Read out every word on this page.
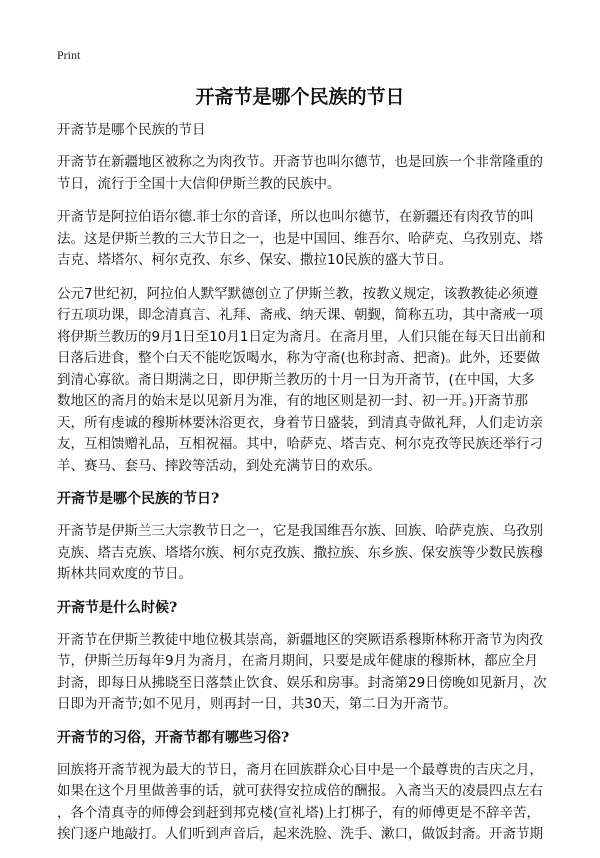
Print
开斋节是哪个民族的节日
开斋节是哪个民族的节日
开斋节在新疆地区被称之为肉孜节。开斋节也叫尔德节，也是回族一个非常隆重的
节日，流行于全国十大信仰伊斯兰教的民族中。
开斋节是阿拉伯语尔德.菲士尔的音译，所以也叫尔德节，在新疆还有肉孜节的叫
法。这是伊斯兰教的三大节日之一，也是中国回、维吾尔、哈萨克、乌孜别克、塔
吉克、塔塔尔、柯尔克孜、东乡、保安、撒拉10民族的盛大节日。
公元7世纪初，阿拉伯人默罕默德创立了伊斯兰教，按教义规定，该教教徒必须遵
行五项功课，即念清真言、礼拜、斋戒、纳天课、朝觐，简称五功，其中斋戒一项
将伊斯兰教历的9月1日至10月1日定为斋月。在斋月里，人们只能在每天日出前和
日落后进食，整个白天不能吃饭喝水，称为守斋(也称封斋、把斋)。此外，还要做
到清心寡欲。斋日期满之日，即伊斯兰教历的十月一日为开斋节，(在中国，大多
数地区的斋月的始末是以见新月为准，有的地区则是初一封、初一开。)开斋节那
天，所有虔诚的穆斯林要沐浴更衣，身着节日盛装，到清真寺做礼拜，人们走访亲
友，互相馈赠礼品，互相祝福。其中，哈萨克、塔吉克、柯尔克孜等民族还举行刁
羊、赛马、套马、摔跤等活动，到处充满节日的欢乐。
开斋节是哪个民族的节日?
开斋节是伊斯兰三大宗教节日之一，它是我国维吾尔族、回族、哈萨克族、乌孜别
克族、塔吉克族、塔塔尔族、柯尔克孜族、撒拉族、东乡族、保安族等少数民族穆
斯林共同欢度的节日。
开斋节是什么时候?
开斋节在伊斯兰教徒中地位极其崇高，新疆地区的突厥语系穆斯林称开斋节为肉孜
节，伊斯兰历每年9月为斋月，在斋月期间，只要是成年健康的穆斯林，都应全月
封斋，即每日从拂晓至日落禁止饮食、娱乐和房事。封斋第29日傍晚如见新月，次
日即为开斋节;如不见月，则再封一日，共30天，第二日为开斋节。
开斋节的习俗，开斋节都有哪些习俗?
回族将开斋节视为最大的节日，斋月在回族群众心目中是一个最尊贵的吉庆之月，
如果在这个月里做善事的话，就可获得安拉成倍的酬报。入斋当天的凌晨四点左右
，各个清真寺的师傅会到赶到邦克楼(宣礼塔)上打梆子，有的师傅更是不辞辛苦，
挨门逐户地敲打。人们听到声音后，起来洗脸、洗手、漱口，做饭封斋。开斋节期
